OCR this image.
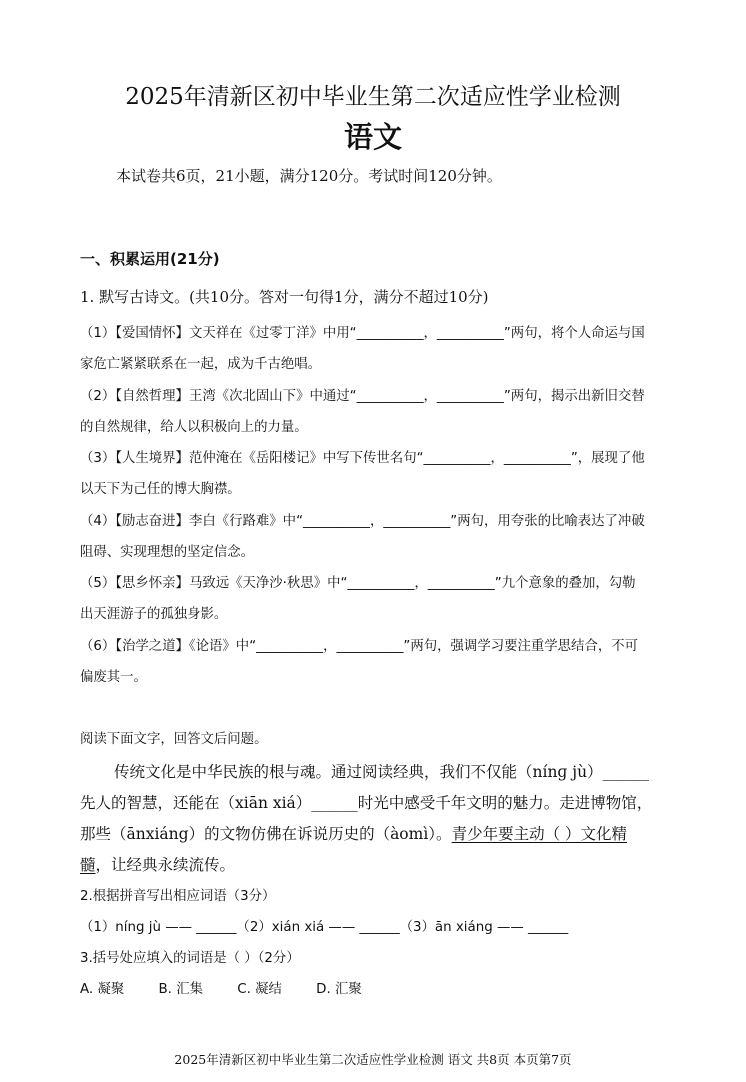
2025年清新区初中毕业生第二次适应性学业检测
语文
本试卷共6页，21小题，满分120分。考试时间120分钟。
一、积累运用(21分)
1. 默写古诗文。(共10分。答对一句得1分，满分不超过10分)
（1）【爱国情怀】文天祥在《过零丁洋》中用“__________，__________”两句，将个人命运与国
家危亡紧紧联系在一起，成为千古绝唱。
（2）【自然哲理】王湾《次北固山下》中通过“__________，__________”两句，揭示出新旧交替
的自然规律，给人以积极向上的力量。
（3）【人生境界】范仲淹在《岳阳楼记》中写下传世名句“__________，__________”，展现了他
以天下为己任的博大胸襟。
（4）【励志奋进】李白《行路难》中“__________，__________”两句，用夸张的比喻表达了冲破
阻碍、实现理想的坚定信念。
（5）【思乡怀亲】马致远《天净沙·秋思》中“__________，__________”九个意象的叠加，勾勒
出天涯游子的孤独身影。
（6）【治学之道】《论语》中“__________，__________”两句，强调学习要注重学思结合，不可
偏废其一。
阅读下面文字，回答文后问题。
传统文化是中华民族的根与魂。通过阅读经典，我们不仅能（nínɡ jù）______
先人的智慧，还能在（xiān xiá）______时光中感受千年文明的魅力。走进博物馆，
那些（ānxiáng）的文物仿佛在诉说历史的（àomì）。青少年要主动（ ）文化精
髓，让经典永续流传。
2.根据拼音写出相应词语（3分）
（1）níng jù —— ______（2）xián xiá —— ______（3）ān xiáng —— ______
3.括号处应填入的词语是（ ）（2分）
A. 凝聚	B. 汇集	C. 凝结	D. 汇聚
2025年清新区初中毕业生第二次适应性学业检测 语文 共8页 本页第7页
